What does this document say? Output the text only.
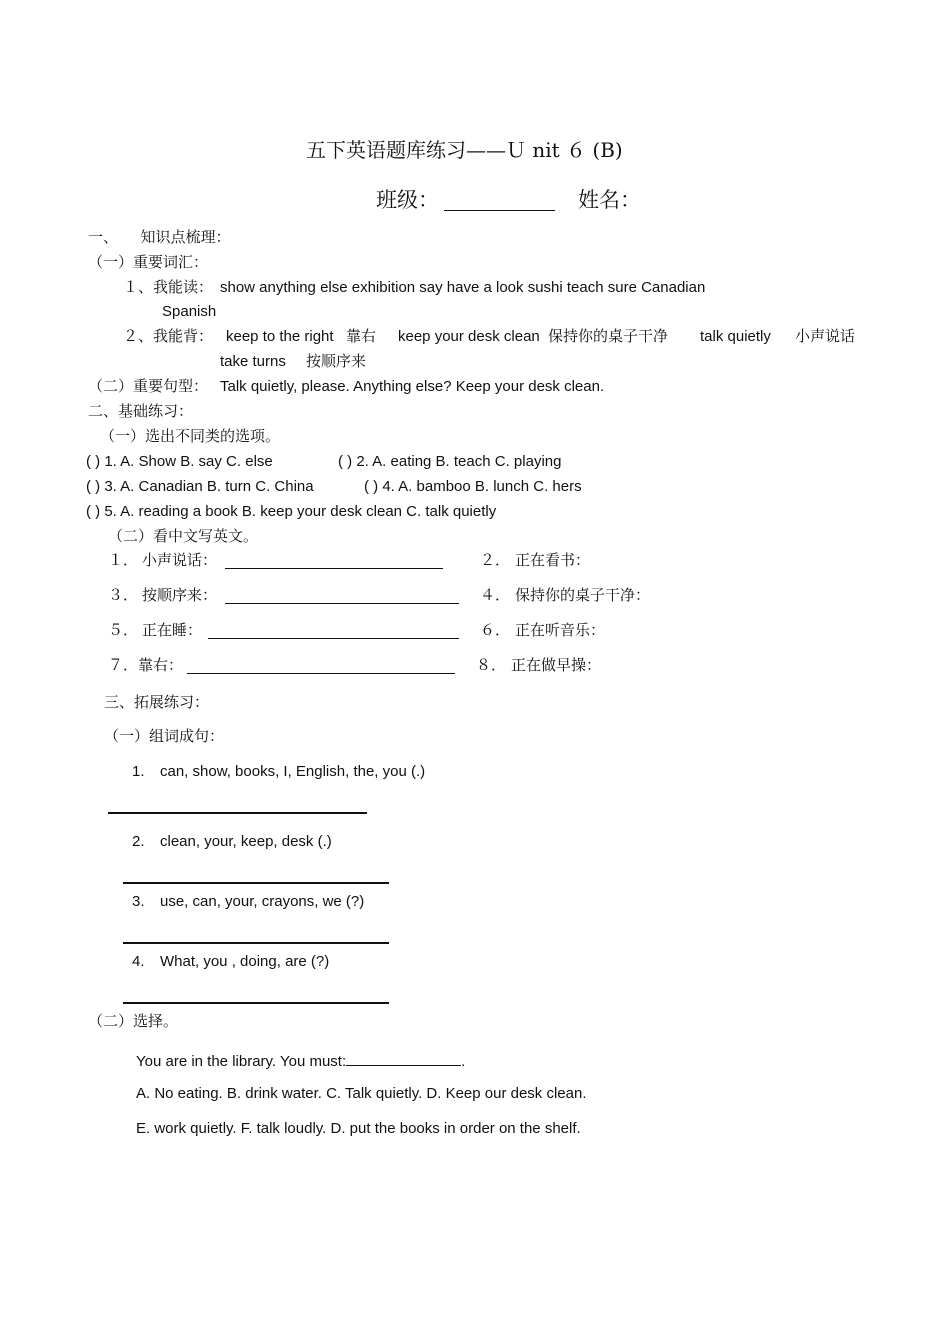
五下英语题库练习——Ｕ nit ６ (B)
班级：	姓名：
一、　　知识点梳理：
（一）重要词汇：
１、我能读： show anything else exhibition say have a look sushi teach sure Canadian
Spanish
２、我能背： keep to the right 靠右 keep your desk clean 保持你的桌子干净 talk quietly 小声说话
take turns 按顺序来
（二）重要句型： Talk quietly, please. Anything else? Keep your desk clean.
二、基础练习：
（一）选出不同类的选项。
( ) 1. A. Show B. say C. else	( ) 2. A. eating B. teach C. playing
( ) 3. A. Canadian B. turn C. China	( ) 4. A. bamboo B. lunch C. hers
( ) 5. A. reading a book B. keep your desk clean C. talk quietly
（二）看中文写英文。
１． 小声说话：	２． 正在看书：
３． 按顺序来：	４． 保持你的桌子干净：
５． 正在睡：	６． 正在听音乐：
７． 靠右：	８． 正在做早操：
三、拓展练习：
（一）组词成句：
1. can, show, books, I, English, the, you (.)
2. clean, your, keep, desk (.)
3. use, can, your, crayons, we (?)
4. What, you , doing, are (?)
（二）选择。
You are in the library. You must:	.
A. No eating. B. drink water. C. Talk quietly. D. Keep our desk clean.
E. work quietly. F. talk loudly. D. put the books in order on the shelf.
